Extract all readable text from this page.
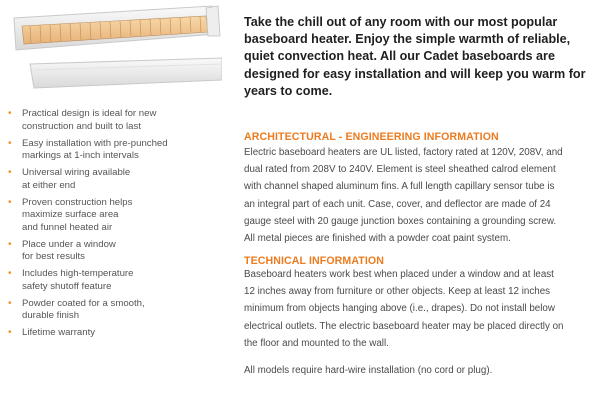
• Practical design is ideal for new
construction and built to last
• Easy installation with pre-punched
markings at 1-inch intervals
• Universal wiring available
at either end
• Proven construction helps
maximize surface area
and funnel heated air
• Place under a window
for best results
• Includes high-temperature
safety shutoff feature
• Powder coated for a smooth,
durable finish
• Lifetime warranty

Take the chill out of any room with our most popular
baseboard heater. Enjoy the simple warmth of reliable,
quiet convection heat. All our Cadet baseboards are
designed for easy installation and will keep you warm for
years to come.

ARCHITECTURAL - ENGINEERING INFORMATION

Electric baseboard heaters are UL listed, factory rated at 120V, 208V, and
dual rated from 208V to 240V. Element is steel sheathed calrod element
with channel shaped aluminum fins. A full length capillary sensor tube is
an integral part of each unit. Case, cover, and deflector are made of 24
gauge steel with 20 gauge junction boxes containing a grounding screw.
All metal pieces are finished with a powder coat paint system.

TECHNICAL INFORMATION

Baseboard heaters work best when placed under a window and at least
12 inches away from furniture or other objects. Keep at least 12 inches
minimum from objects hanging above (i.e., drapes). Do not install below
electrical outlets. The electric baseboard heater may be placed directly on
the floor and mounted to the wall.

All models require hard-wire installation (no cord or plug).
